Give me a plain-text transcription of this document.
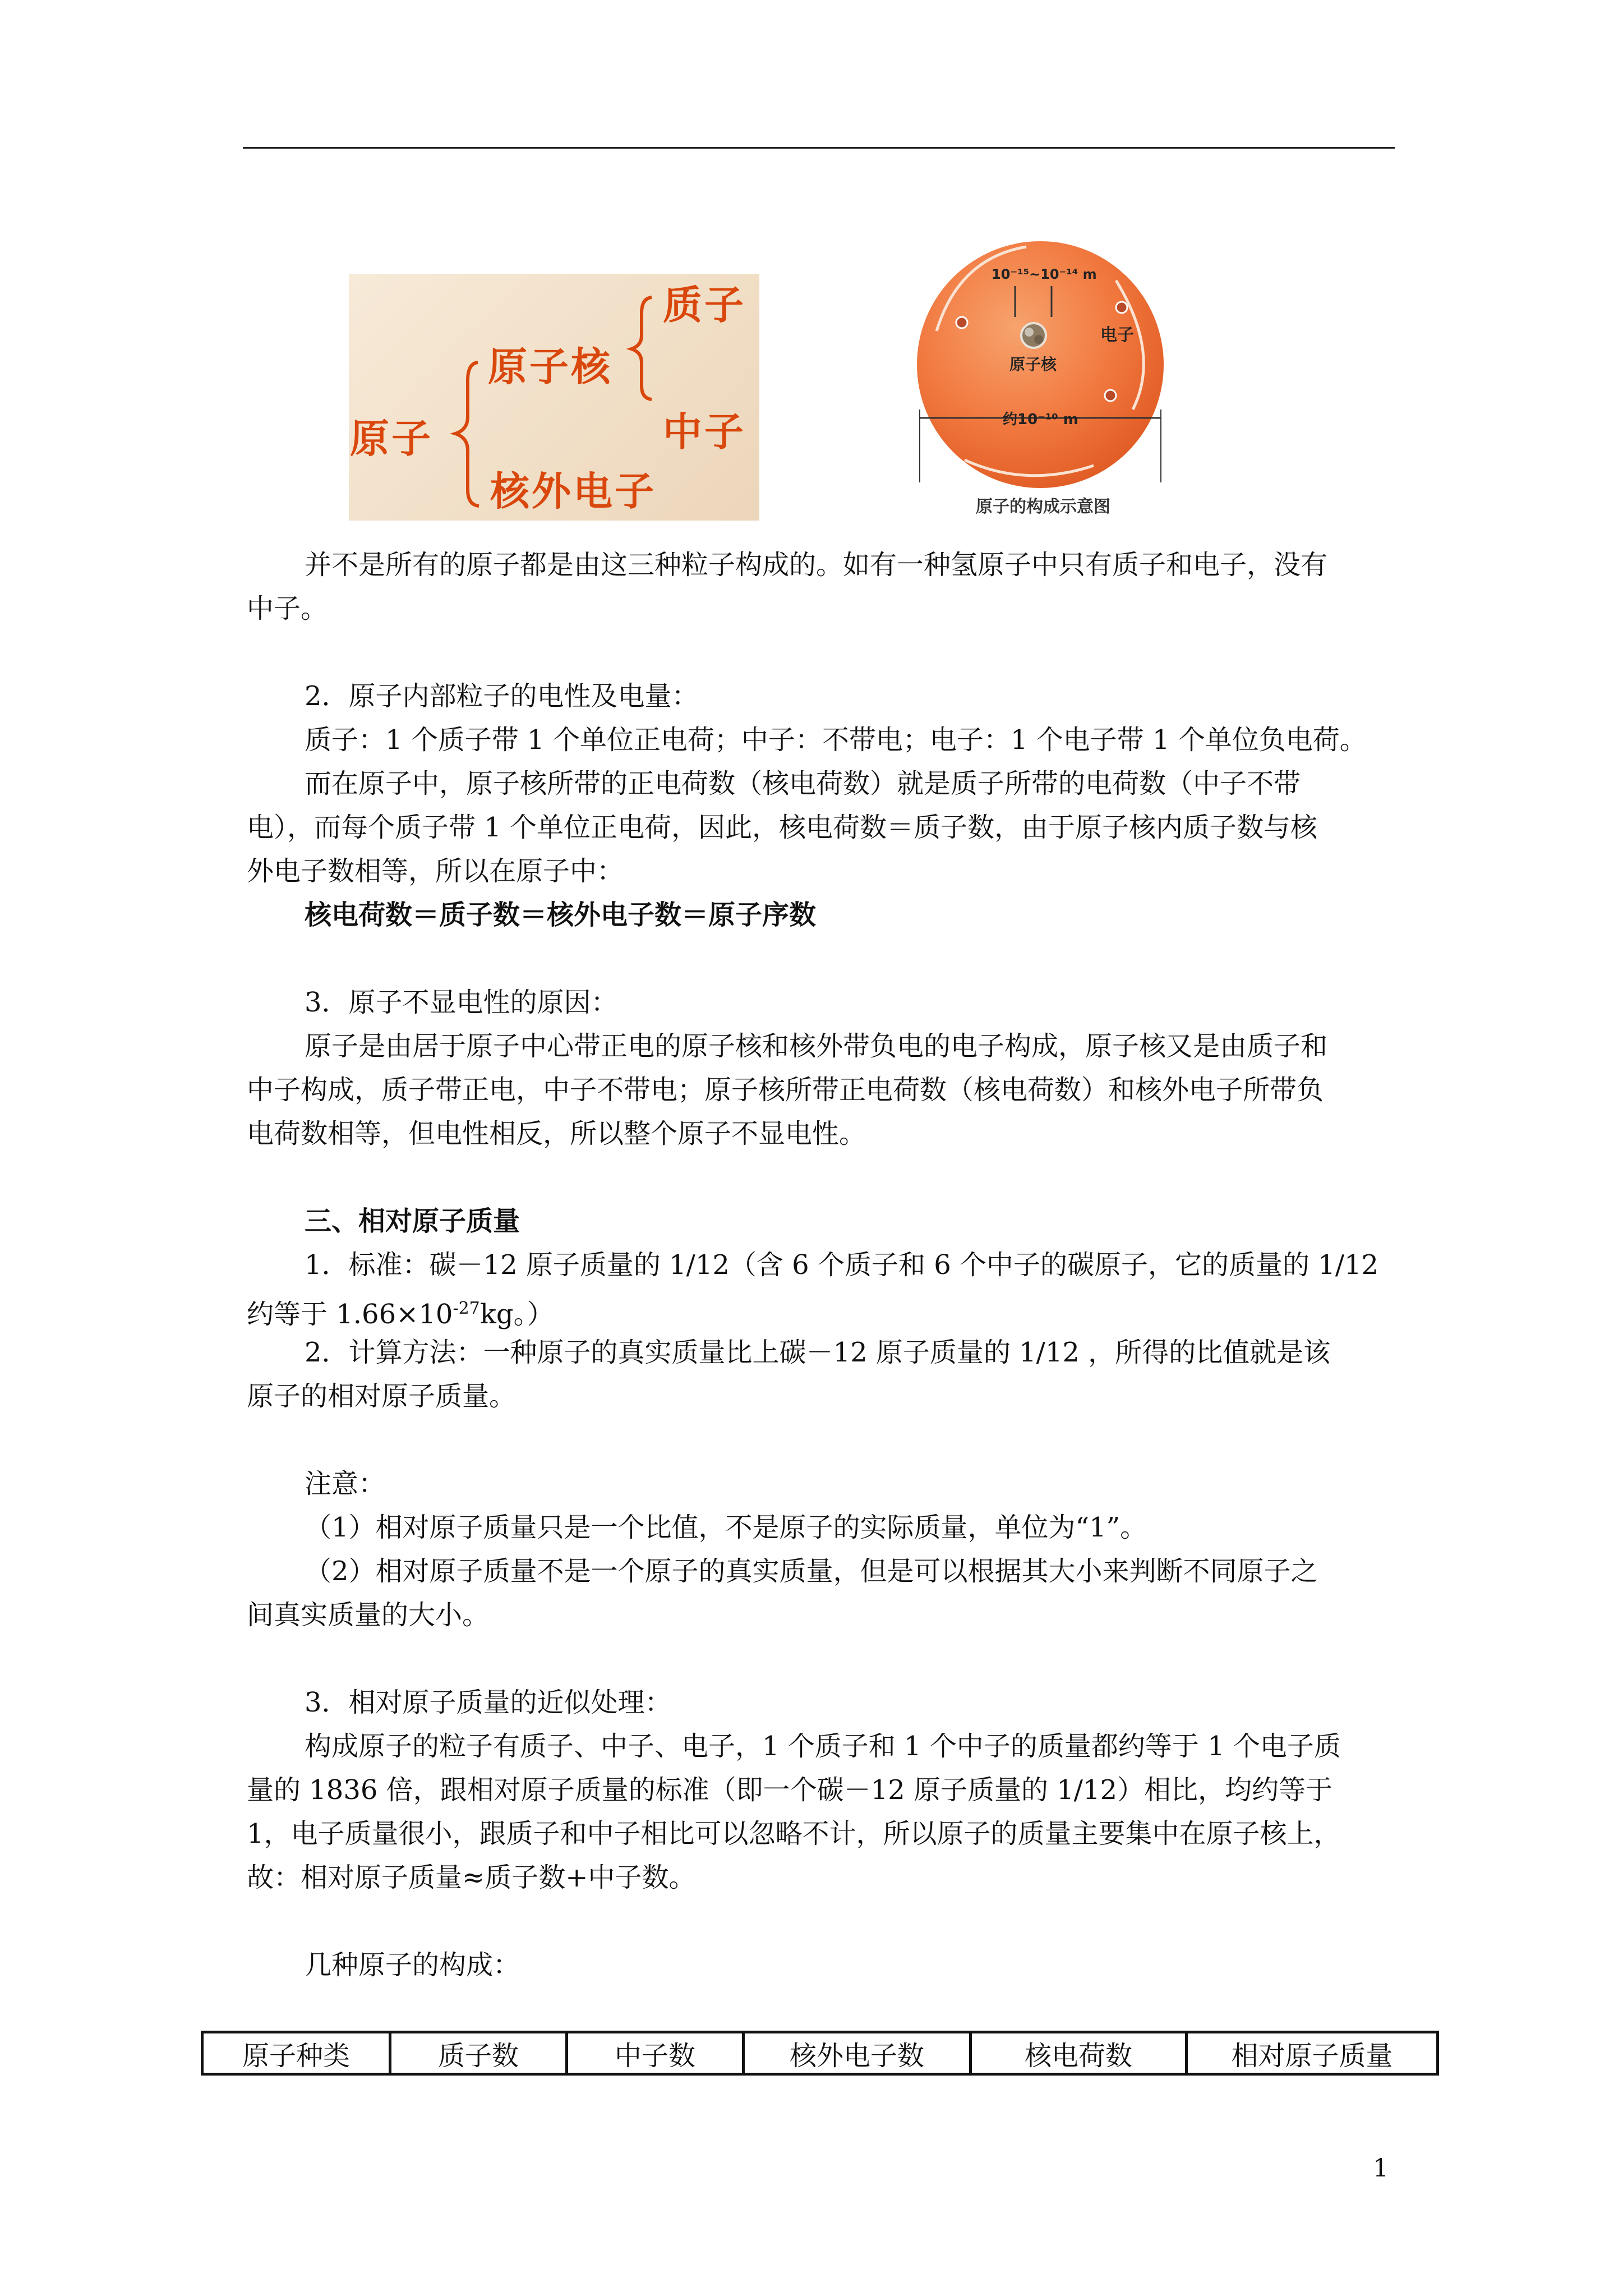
原子
原子核
质子
中子
核外电子
10⁻¹⁵~10⁻¹⁴ m
电子
原子核
约10⁻¹⁰ m
原子的构成示意图

并不是所有的原子都是由这三种粒子构成的。如有一种氢原子中只有质子和电子，没有

中子。

2．原子内部粒子的电性及电量：

质子：1 个质子带 1 个单位正电荷；中子：不带电；电子：1 个电子带 1 个单位负电荷。

而在原子中，原子核所带的正电荷数（核电荷数）就是质子所带的电荷数（中子不带

电），而每个质子带 1 个单位正电荷，因此，核电荷数＝质子数，由于原子核内质子数与核

外电子数相等，所以在原子中：

核电荷数＝质子数＝核外电子数＝原子序数

3．原子不显电性的原因：

原子是由居于原子中心带正电的原子核和核外带负电的电子构成，原子核又是由质子和

中子构成，质子带正电，中子不带电；原子核所带正电荷数（核电荷数）和核外电子所带负

电荷数相等，但电性相反，所以整个原子不显电性。

三、相对原子质量

1．标准：碳－12 原子质量的 1/12（含 6 个质子和 6 个中子的碳原子，它的质量的 1/12

约等于 $1.66\times 10^{-27}kg$。）

2．计算方法：一种原子的真实质量比上碳－12 原子质量的 1/12 ，所得的比值就是该

原子的相对原子质量。

注意：

（1）相对原子质量只是一个比值，不是原子的实际质量，单位为“1”。

（2）相对原子质量不是一个原子的真实质量，但是可以根据其大小来判断不同原子之

间真实质量的大小。

3．相对原子质量的近似处理：

构成原子的粒子有质子、中子、电子，1 个质子和 1 个中子的质量都约等于 1 个电子质

量的 1836 倍，跟相对原子质量的标准（即一个碳－12 原子质量的 1/12）相比，均约等于

1，电子质量很小，跟质子和中子相比可以忽略不计，所以原子的质量主要集中在原子核上，

故：相对原子质量≈质子数+中子数。

几种原子的构成：

原子种类	质子数	中子数	核外电子数	核电荷数	相对原子质量
1
